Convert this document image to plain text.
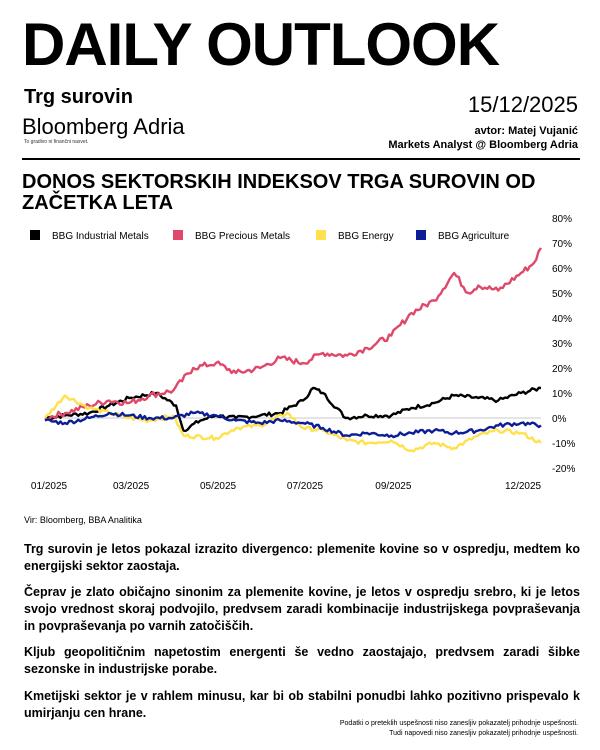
DAILY OUTLOOK
Trg surovin
Bloomberg Adria
To gradivo ni finančni nasvet.
15/12/2025
avtor: Matej Vujanić
Markets Analyst @ Bloomberg Adria
DONOS SEKTORSKIH INDEKSOV TRGA SUROVIN OD ZAČETKA LETA
BBG Industrial Metals	BBG Precious Metals	BBG Energy	BBG Agriculture
80%
70%
60%
50%
40%
30%
20%
10%
0%
-10%
-20%
01/2025	03/2025	05/2025	07/2025	09/2025	12/2025
Vir: Bloomberg, BBA Analitika
Trg surovin je letos pokazal izrazito divergenco: plemenite kovine so v ospredju, medtem ko energijski sektor zaostaja.
Čeprav je zlato običajno sinonim za plemenite kovine, je letos v ospredju srebro, ki je letos svojo vrednost skoraj podvojilo, predvsem zaradi kombinacije industrijskega povpraševanja in povpraševanja po varnih zatočiščih.
Kljub geopolitičnim napetostim energenti še vedno zaostajajo, predvsem zaradi šibke sezonske in industrijske porabe.
Kmetijski sektor je v rahlem minusu, kar bi ob stabilni ponudbi lahko pozitivno prispevalo k umirjanju cen hrane.
Podatki o preteklih uspešnosti niso zanesljiv pokazatelj prihodnje uspešnosti.
Tudi napovedi niso zanesljiv pokazatelj prihodnje uspešnosti.
